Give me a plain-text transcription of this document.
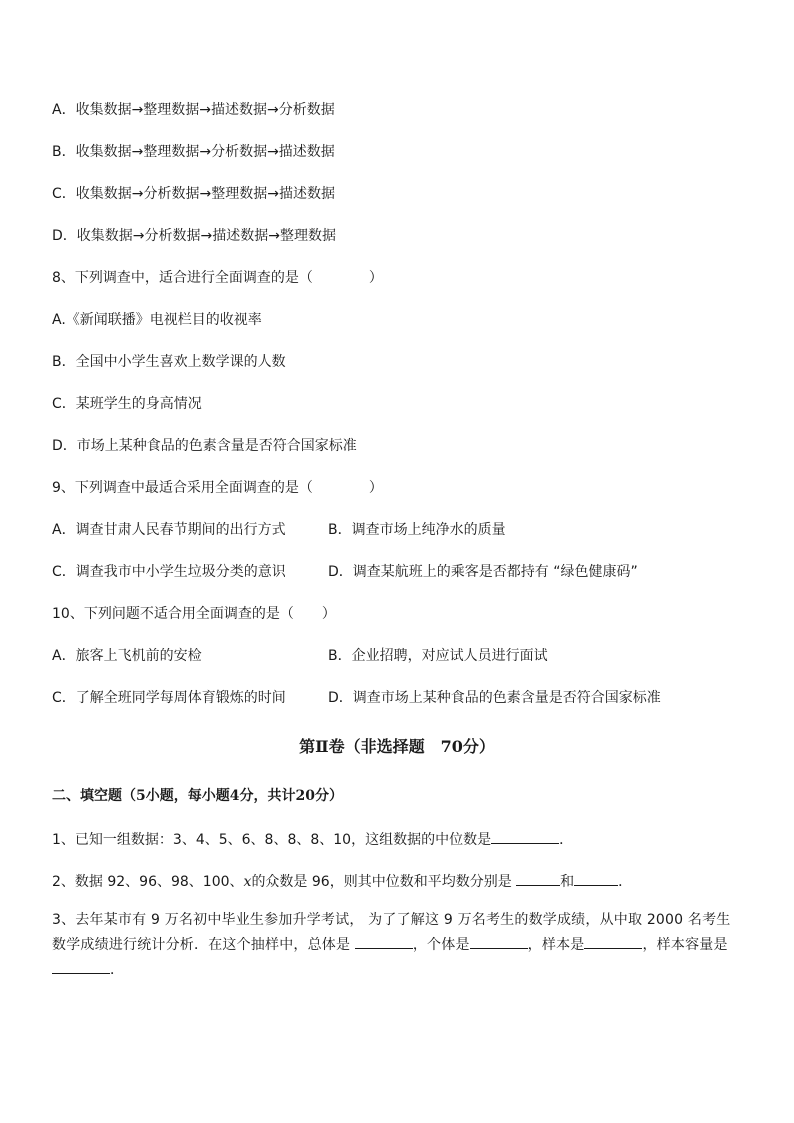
A．收集数据→整理数据→描述数据→分析数据
B．收集数据→整理数据→分析数据→描述数据
C．收集数据→分析数据→整理数据→描述数据
D．收集数据→分析数据→描述数据→整理数据
8、下列调查中，适合进行全面调查的是（　　　　）
A.《新闻联播》电视栏目的收视率
B．全国中小学生喜欢上数学课的人数
C．某班学生的身高情况
D．市场上某种食品的色素含量是否符合国家标准
9、下列调查中最适合采用全面调查的是（　　　　）
A．调查甘肃人民春节期间的出行方式	B．调查市场上纯净水的质量
C．调查我市中小学生垃圾分类的意识	D．调查某航班上的乘客是否都持有 “绿色健康码”
10、下列问题不适合用全面调查的是（　　）
A．旅客上飞机前的安检	B．企业招聘，对应试人员进行面试
C．了解全班同学每周体育锻炼的时间	D．调查市场上某种食品的色素含量是否符合国家标准
第Ⅱ卷（非选择题　70分）
二、填空题（5小题，每小题4分，共计20分）
1、已知一组数据：3、4、5、6、8、8、8、10，这组数据的中位数是	．
2、数据 92、96、98、100、x的众数是 96，则其中位数和平均数分别是	和	．
3、去年某市有 9 万名初中毕业生参加升学考试， 为了了解这 9 万名考生的数学成绩，从中取 2000 名考生数学成绩进行统计分析．在这个抽样中，总体是	，个体是	，样本是	，样本容量是．
